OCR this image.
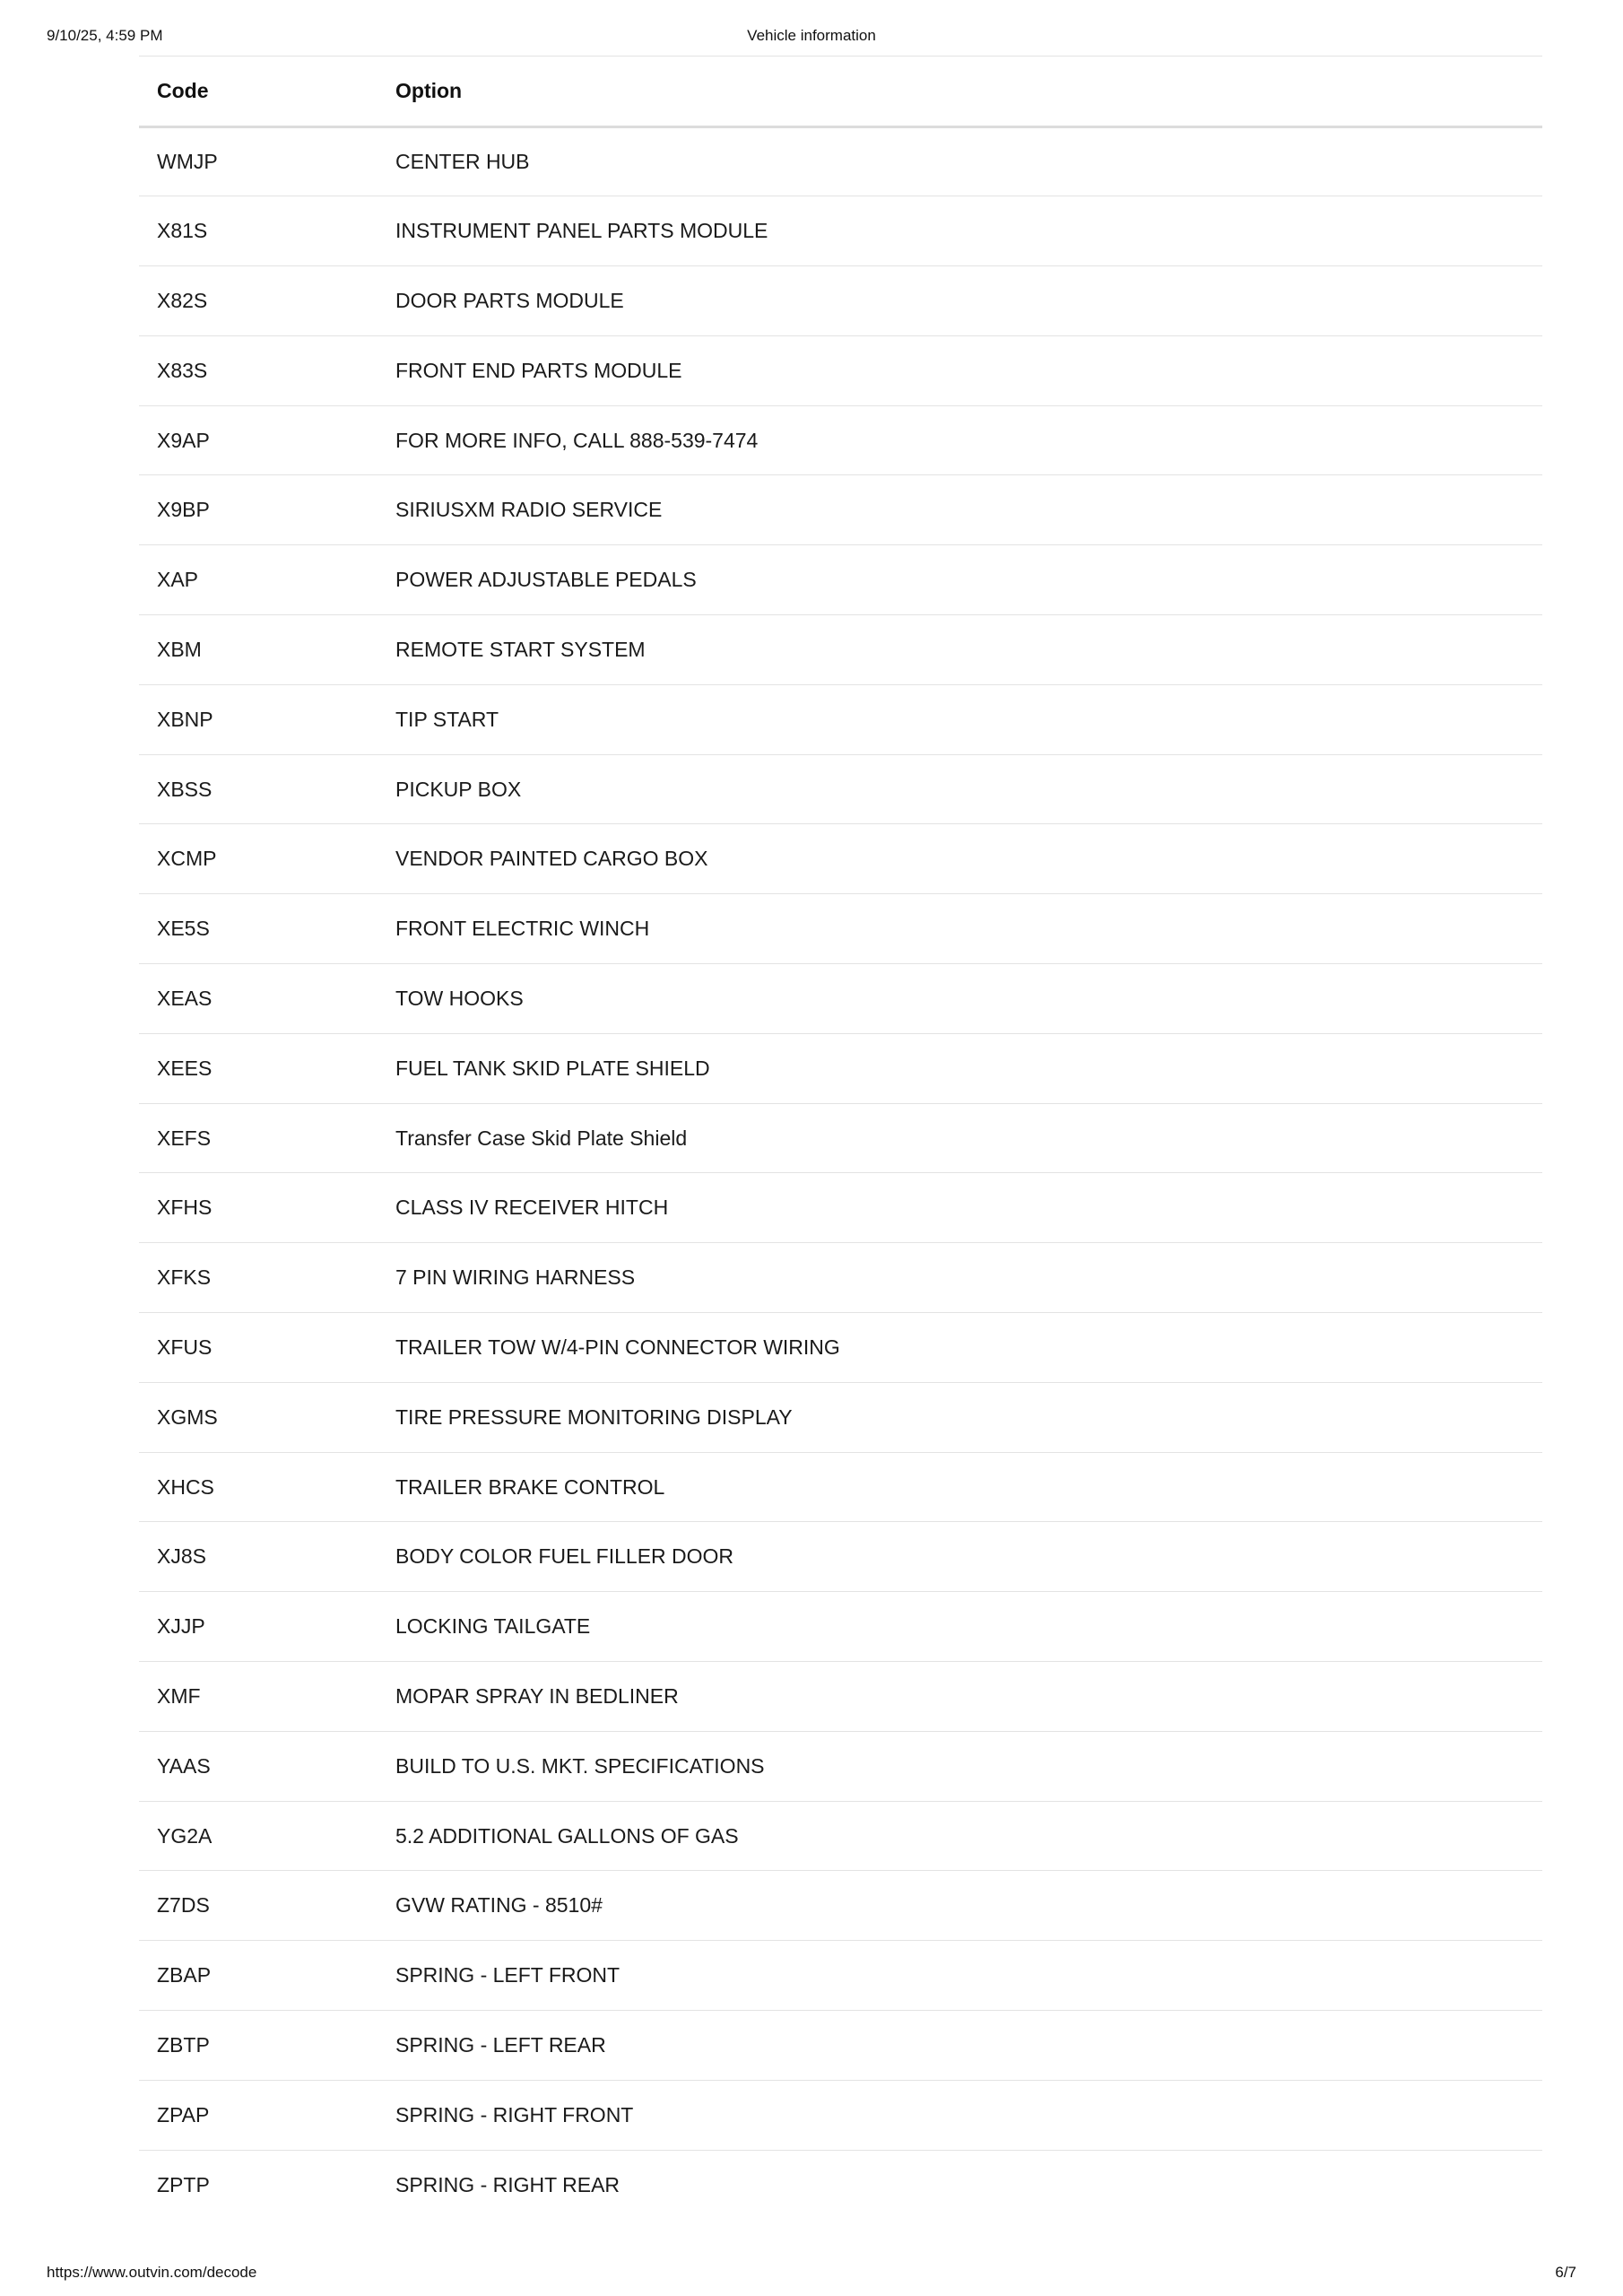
9/10/25, 4:59 PM	Vehicle information
Code	Option
WMJP	CENTER HUB
X81S	INSTRUMENT PANEL PARTS MODULE
X82S	DOOR PARTS MODULE
X83S	FRONT END PARTS MODULE
X9AP	FOR MORE INFO, CALL 888-539-7474
X9BP	SIRIUSXM RADIO SERVICE
XAP	POWER ADJUSTABLE PEDALS
XBM	REMOTE START SYSTEM
XBNP	TIP START
XBSS	PICKUP BOX
XCMP	VENDOR PAINTED CARGO BOX
XE5S	FRONT ELECTRIC WINCH
XEAS	TOW HOOKS
XEES	FUEL TANK SKID PLATE SHIELD
XEFS	Transfer Case Skid Plate Shield
XFHS	CLASS IV RECEIVER HITCH
XFKS	7 PIN WIRING HARNESS
XFUS	TRAILER TOW W/4-PIN CONNECTOR WIRING
XGMS	TIRE PRESSURE MONITORING DISPLAY
XHCS	TRAILER BRAKE CONTROL
XJ8S	BODY COLOR FUEL FILLER DOOR
XJJP	LOCKING TAILGATE
XMF	MOPAR SPRAY IN BEDLINER
YAAS	BUILD TO U.S. MKT. SPECIFICATIONS
YG2A	5.2 ADDITIONAL GALLONS OF GAS
Z7DS	GVW RATING - 8510#
ZBAP	SPRING - LEFT FRONT
ZBTP	SPRING - LEFT REAR
ZPAP	SPRING - RIGHT FRONT
ZPTP	SPRING - RIGHT REAR
https://www.outvin.com/decode	6/7
